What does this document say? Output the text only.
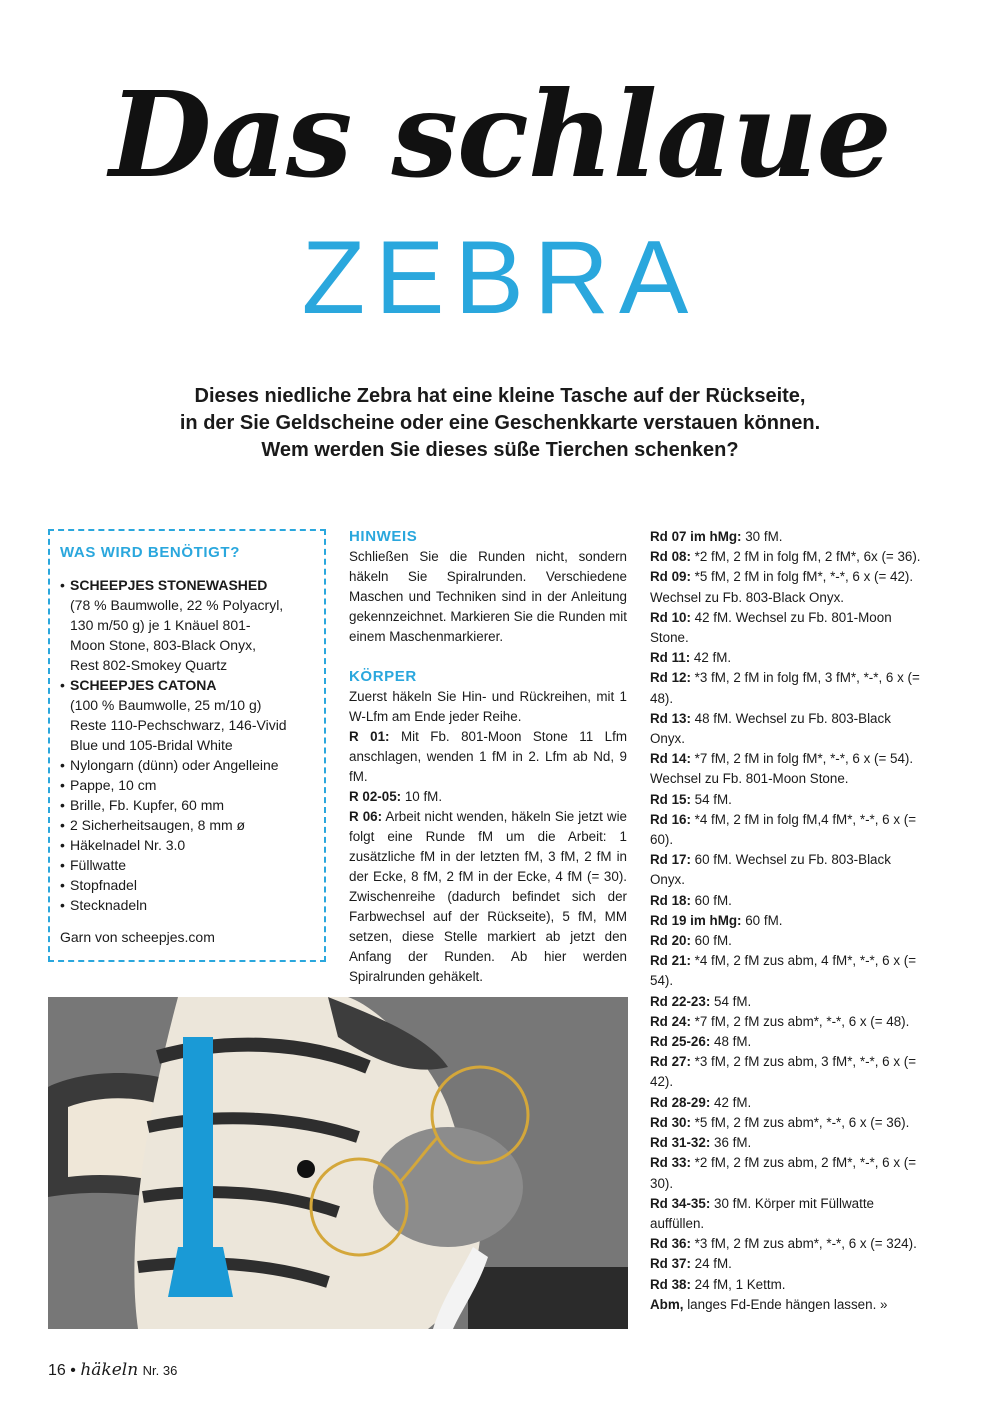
Das schlaue
ZEBRA
Dieses niedliche Zebra hat eine kleine Tasche auf der Rückseite,
in der Sie Geldscheine oder eine Geschenkkarte verstauen können.
Wem werden Sie dieses süße Tierchen schenken?
WAS WIRD BENÖTIGT?
• SCHEEPJES STONEWASHED
(78 % Baumwolle, 22 % Polyacryl,
130 m/50 g) je 1 Knäuel 801-
Moon Stone, 803-Black Onyx,
Rest 802-Smokey Quartz
• SCHEEPJES CATONA
(100 % Baumwolle, 25 m/10 g)
Reste 110-Pechschwarz, 146-Vivid
Blue und 105-Bridal White
• Nylongarn (dünn) oder Angelleine
• Pappe, 10 cm
• Brille, Fb. Kupfer, 60 mm
• 2 Sicherheitsaugen, 8 mm ø
• Häkelnadel Nr. 3.0
• Füllwatte
• Stopfnadel
• Stecknadeln
Garn von scheepjes.com
HINWEIS

Schließen Sie die Runden nicht, sondern häkeln Sie Spiralrunden. Verschiedene Maschen und Techniken sind in der Anleitung gekennzeichnet. Markieren Sie die Runden mit einem Maschenmarkierer.

KÖRPER

Zuerst häkeln Sie Hin- und Rückreihen, mit 1 W-Lfm am Ende jeder Reihe.

R 01: Mit Fb. 801-Moon Stone 11 Lfm anschlagen, wenden 1 fM in 2. Lfm ab Nd, 9 fM.

R 02-05: 10 fM.

R 06: Arbeit nicht wenden, häkeln Sie jetzt wie folgt eine Runde fM um die Arbeit: 1 zusätzliche fM in der letzten fM, 3 fM, 2 fM in der Ecke, 8 fM, 2 fM in der Ecke, 4 fM (= 30). Zwischenreihe (dadurch befindet sich der Farbwechsel auf der Rückseite), 5 fM, MM setzen, diese Stelle markiert ab jetzt den Anfang der Runden. Ab hier werden Spiralrunden gehäkelt.

Rd 07 im hMg: 30 fM.

Rd 08: *2 fM, 2 fM in folg fM, 2 fM*, 6x (= 36).

Rd 09: *5 fM, 2 fM in folg fM*, *-*, 6 x (= 42). Wechsel zu Fb. 803-Black Onyx.

Rd 10: 42 fM. Wechsel zu Fb. 801-Moon Stone.

Rd 11: 42 fM.

Rd 12: *3 fM, 2 fM in folg fM, 3 fM*, *-*, 6 x (= 48).

Rd 13: 48 fM. Wechsel zu Fb. 803-Black Onyx.

Rd 14: *7 fM, 2 fM in folg fM*, *-*, 6 x (= 54). Wechsel zu Fb. 801-Moon Stone.

Rd 15: 54 fM.

Rd 16: *4 fM, 2 fM in folg fM,4 fM*, *-*, 6 x (= 60).

Rd 17: 60 fM. Wechsel zu Fb. 803-Black Onyx.

Rd 18: 60 fM.

Rd 19 im hMg: 60 fM.

Rd 20: 60 fM.

Rd 21: *4 fM, 2 fM zus abm, 4 fM*, *-*, 6 x (= 54).

Rd 22-23: 54 fM.

Rd 24: *7 fM, 2 fM zus abm*, *-*, 6 x (= 48).

Rd 25-26: 48 fM.

Rd 27: *3 fM, 2 fM zus abm, 3 fM*, *-*, 6 x (= 42).

Rd 28-29: 42 fM.

Rd 30: *5 fM, 2 fM zus abm*, *-*, 6 x (= 36).

Rd 31-32: 36 fM.

Rd 33: *2 fM, 2 fM zus abm, 2 fM*, *-*, 6 x (= 30).

Rd 34-35: 30 fM. Körper mit Füllwatte auffüllen.

Rd 36: *3 fM, 2 fM zus abm*, *-*, 6 x (= 324).

Rd 37: 24 fM.

Rd 38: 24 fM, 1 Kettm.

Abm, langes Fd-Ende hängen lassen. »

16 • häkeln Nr. 36
